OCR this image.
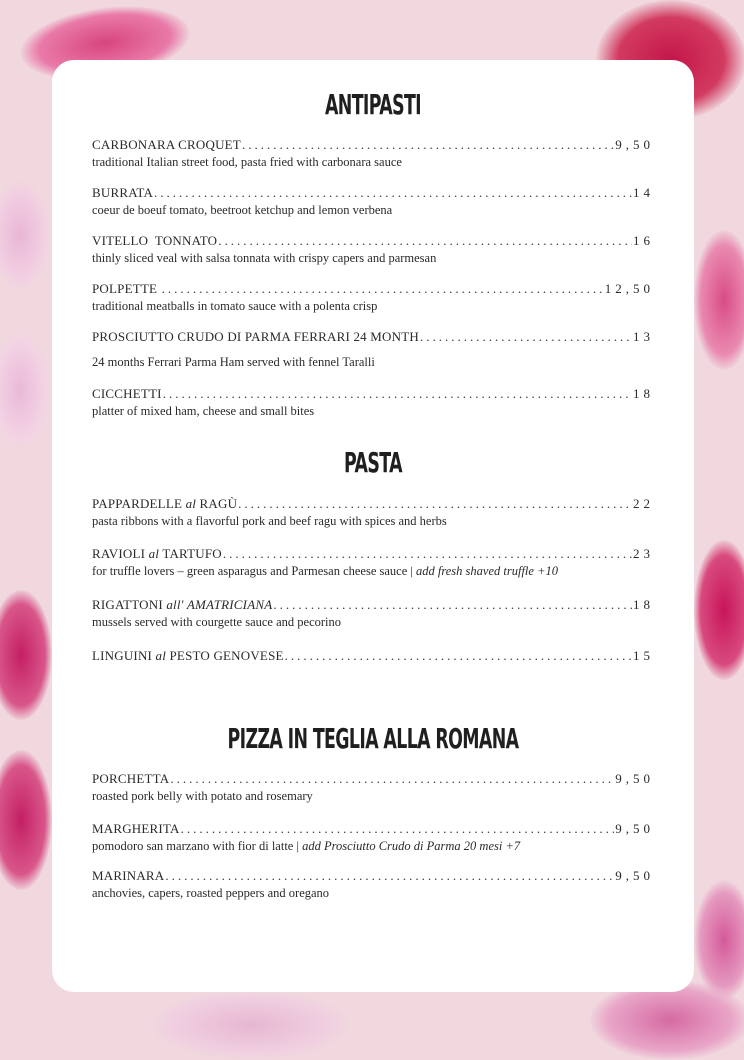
ANTIPASTI
CARBONARA CROQUET .....	9,50
traditional Italian street food, pasta fried with carbonara sauce
BURRATA .....	14
coeur de boeuf tomato, beetroot ketchup and lemon verbena
VITELLO  TONNATO .....	16
thinly sliced veal with salsa tonnata with crispy capers and parmesan
POLPETTE .....	12,50
traditional meatballs in tomato sauce with a polenta crisp
PROSCIUTTO CRUDO DI PARMA FERRARI 24 MONTH .....	13
24 months Ferrari Parma Ham served with fennel Taralli
CICCHETTI .....	18
platter of mixed ham, cheese and small bites
PASTA
PAPPARDELLE al RAGÙ .....	22
pasta ribbons with a flavorful pork and beef ragu with spices and herbs
RAVIOLI al TARTUFO .....	23
for truffle lovers – green asparagus and Parmesan cheese sauce | add fresh shaved truffle +10
RIGATTONI all' AMATRICIANA .....	18
mussels served with courgette sauce and pecorino
LINGUINI al PESTO GENOVESE .....	15
PIZZA IN TEGLIA ALLA ROMANA
PORCHETTA .....	9,50
roasted pork belly with potato and rosemary
MARGHERITA .....	9,50
pomodoro san marzano with fior di latte | add Prosciutto Crudo di Parma 20 mesi +7
MARINARA .....	9,50
anchovies, capers, roasted peppers and oregano
